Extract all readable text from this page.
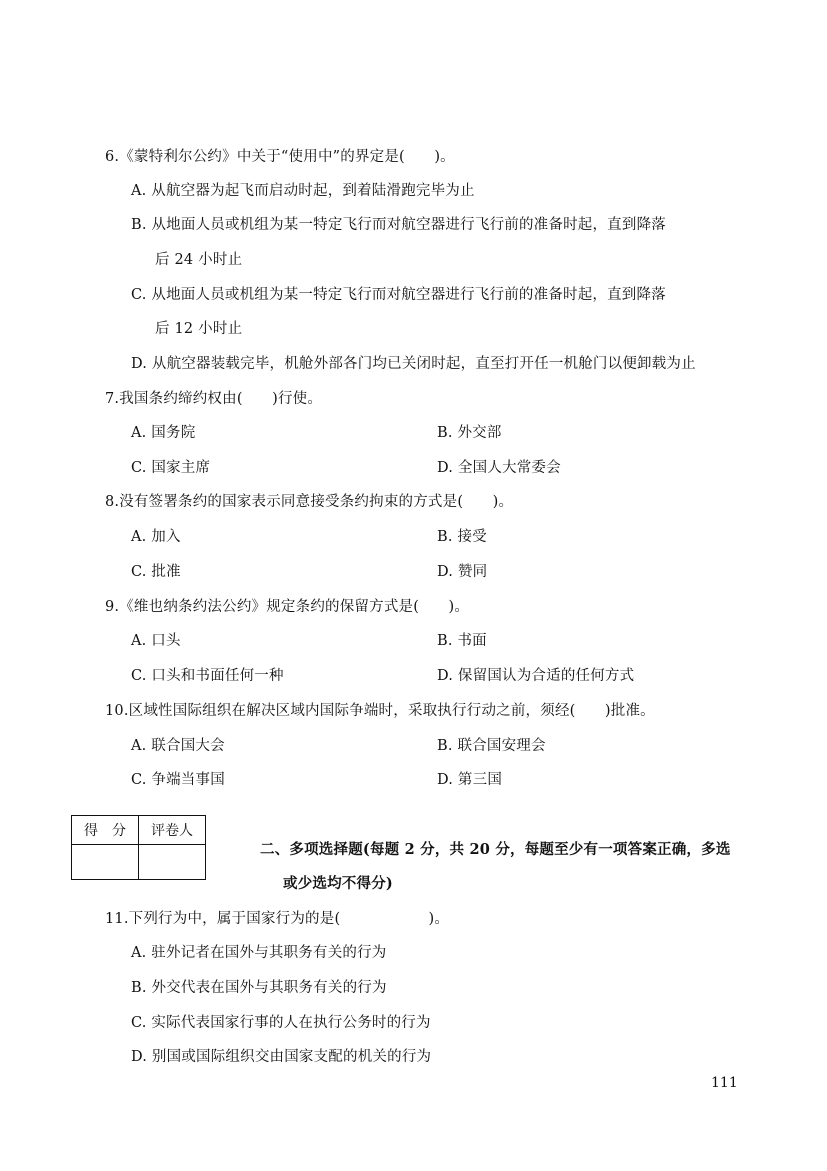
6.《蒙特利尔公约》中关于“使用中”的界定是(　　)。
A. 从航空器为起飞而启动时起，到着陆滑跑完毕为止
B. 从地面人员或机组为某一特定飞行而对航空器进行飞行前的准备时起，直到降落
后 24 小时止
C. 从地面人员或机组为某一特定飞行而对航空器进行飞行前的准备时起，直到降落
后 12 小时止
D. 从航空器装载完毕，机舱外部各门均已关闭时起，直至打开任一机舱门以便卸载为止
7.我国条约缔约权由(　　)行使。
A. 国务院	B. 外交部
C. 国家主席	D. 全国人大常委会
8.没有签署条约的国家表示同意接受条约拘束的方式是(　　)。
A. 加入	B. 接受
C. 批准	D. 赞同
9.《维也纳条约法公约》规定条约的保留方式是(　　)。
A. 口头	B. 书面
C. 口头和书面任何一种	D. 保留国认为合适的任何方式
10.区域性国际组织在解决区域内国际争端时，采取执行行动之前，须经(　　)批准。
A. 联合国大会	B. 联合国安理会
C. 争端当事国	D. 第三国
得　分	评卷人

二、多项选择题(每题 2 分，共 20 分，每题至少有一项答案正确，多选
或少选均不得分)
11.下列行为中，属于国家行为的是(　　　　　　)。
A. 驻外记者在国外与其职务有关的行为
B. 外交代表在国外与其职务有关的行为
C. 实际代表国家行事的人在执行公务时的行为
D. 别国或国际组织交由国家支配的机关的行为
111
